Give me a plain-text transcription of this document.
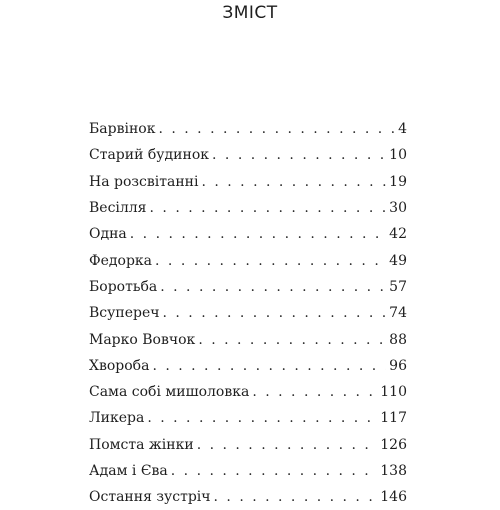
ЗМІСТ
Барвінок . . .	4
Старий будинок . . .	10
На розсвітанні . . .	19
Весілля . . .	30
Одна . . .	42
Федорка . . .	49
Боротьба . . .	57
Всупереч . . .	74
Марко Вовчок . . .	88
Хвороба . . .	96
Сама собі мишоловка . . .	110
Ликера . . .	117
Помста жінки . . .	126
Адам і Єва . . .	138
Остання зустріч . . .	146
